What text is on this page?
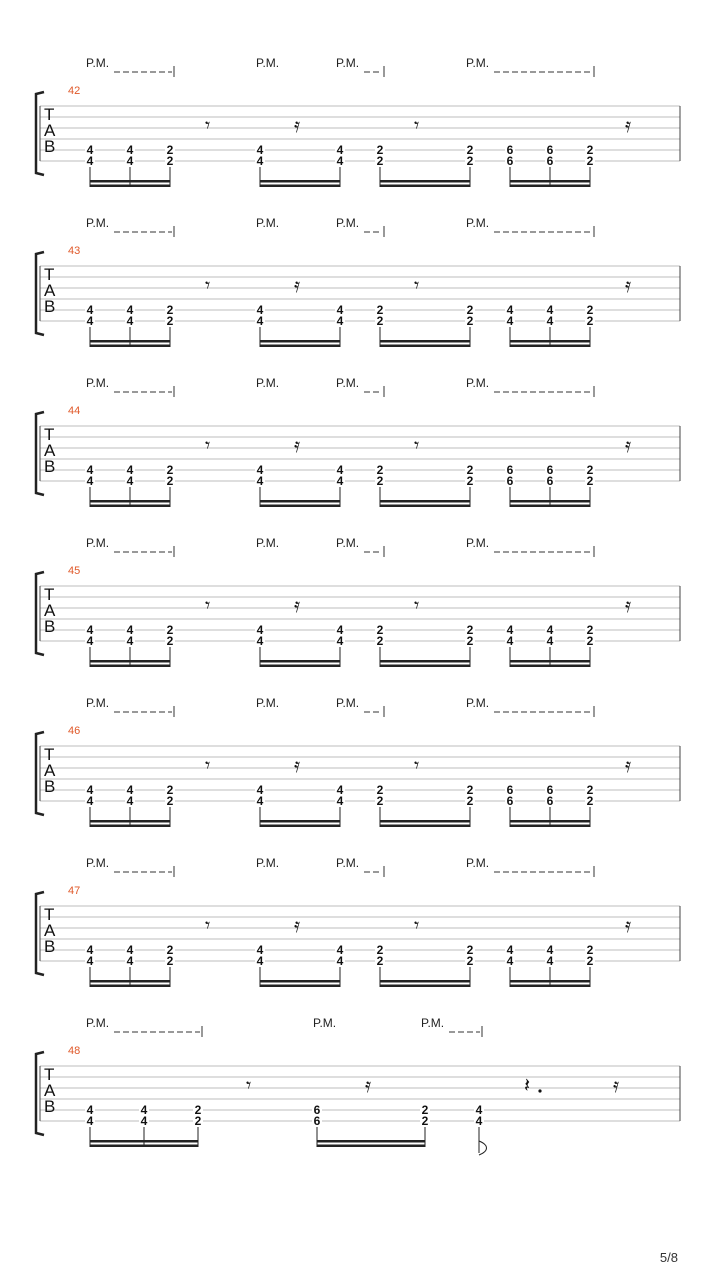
P.M.	P.M.	P.M.	P.M.
42
T
A
B
𝄾	𝄿	𝄾	𝄿
4
4
4
4
2
2
4
4
4
4
2
2
2
2
6
6
6
6
2
2
P.M.	P.M.	P.M.	P.M.
43
T
A
B
𝄾	𝄿	𝄾	𝄿
4
4
4
4
2
2
4
4
4
4
2
2
2
2
4
4
4
4
2
2
P.M.	P.M.	P.M.	P.M.
44
T
A
B
𝄾	𝄿	𝄾	𝄿
4
4
4
4
2
2
4
4
4
4
2
2
2
2
6
6
6
6
2
2
P.M.	P.M.	P.M.	P.M.
45
T
A
B
𝄾	𝄿	𝄾	𝄿
4
4
4
4
2
2
4
4
4
4
2
2
2
2
4
4
4
4
2
2
P.M.	P.M.	P.M.	P.M.
46
T
A
B
𝄾	𝄿	𝄾	𝄿
4
4
4
4
2
2
4
4
4
4
2
2
2
2
6
6
6
6
2
2
P.M.	P.M.	P.M.	P.M.
47
T
A
B
𝄾	𝄿	𝄾	𝄿
4
4
4
4
2
2
4
4
4
4
2
2
2
2
4
4
4
4
2
2
P.M.	P.M.	P.M.
48
T
A
B
𝄾	𝄿	𝄽	𝄿
4
4
4
4
2
2
6
6
2
2
4
4
5/8
